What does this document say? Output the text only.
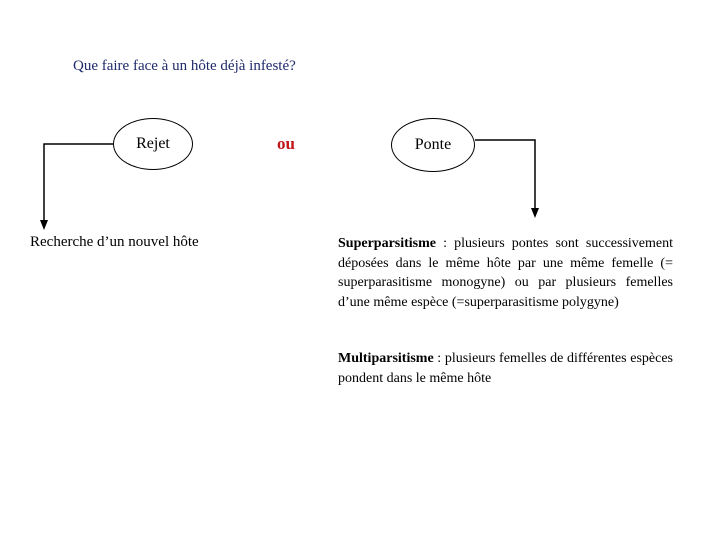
Que faire face à un hôte déjà infesté?
Rejet	ou	Ponte
Recherche d’un nouvel hôte	Superparsitisme : plusieurs pontes sont successivement déposées dans le même hôte par une même femelle (= superparasitisme monogyne) ou par plusieurs femelles d’une même espèce (=superparasitisme polygyne)
Multiparsitisme : plusieurs femelles de différentes espèces pondent dans le même hôte
